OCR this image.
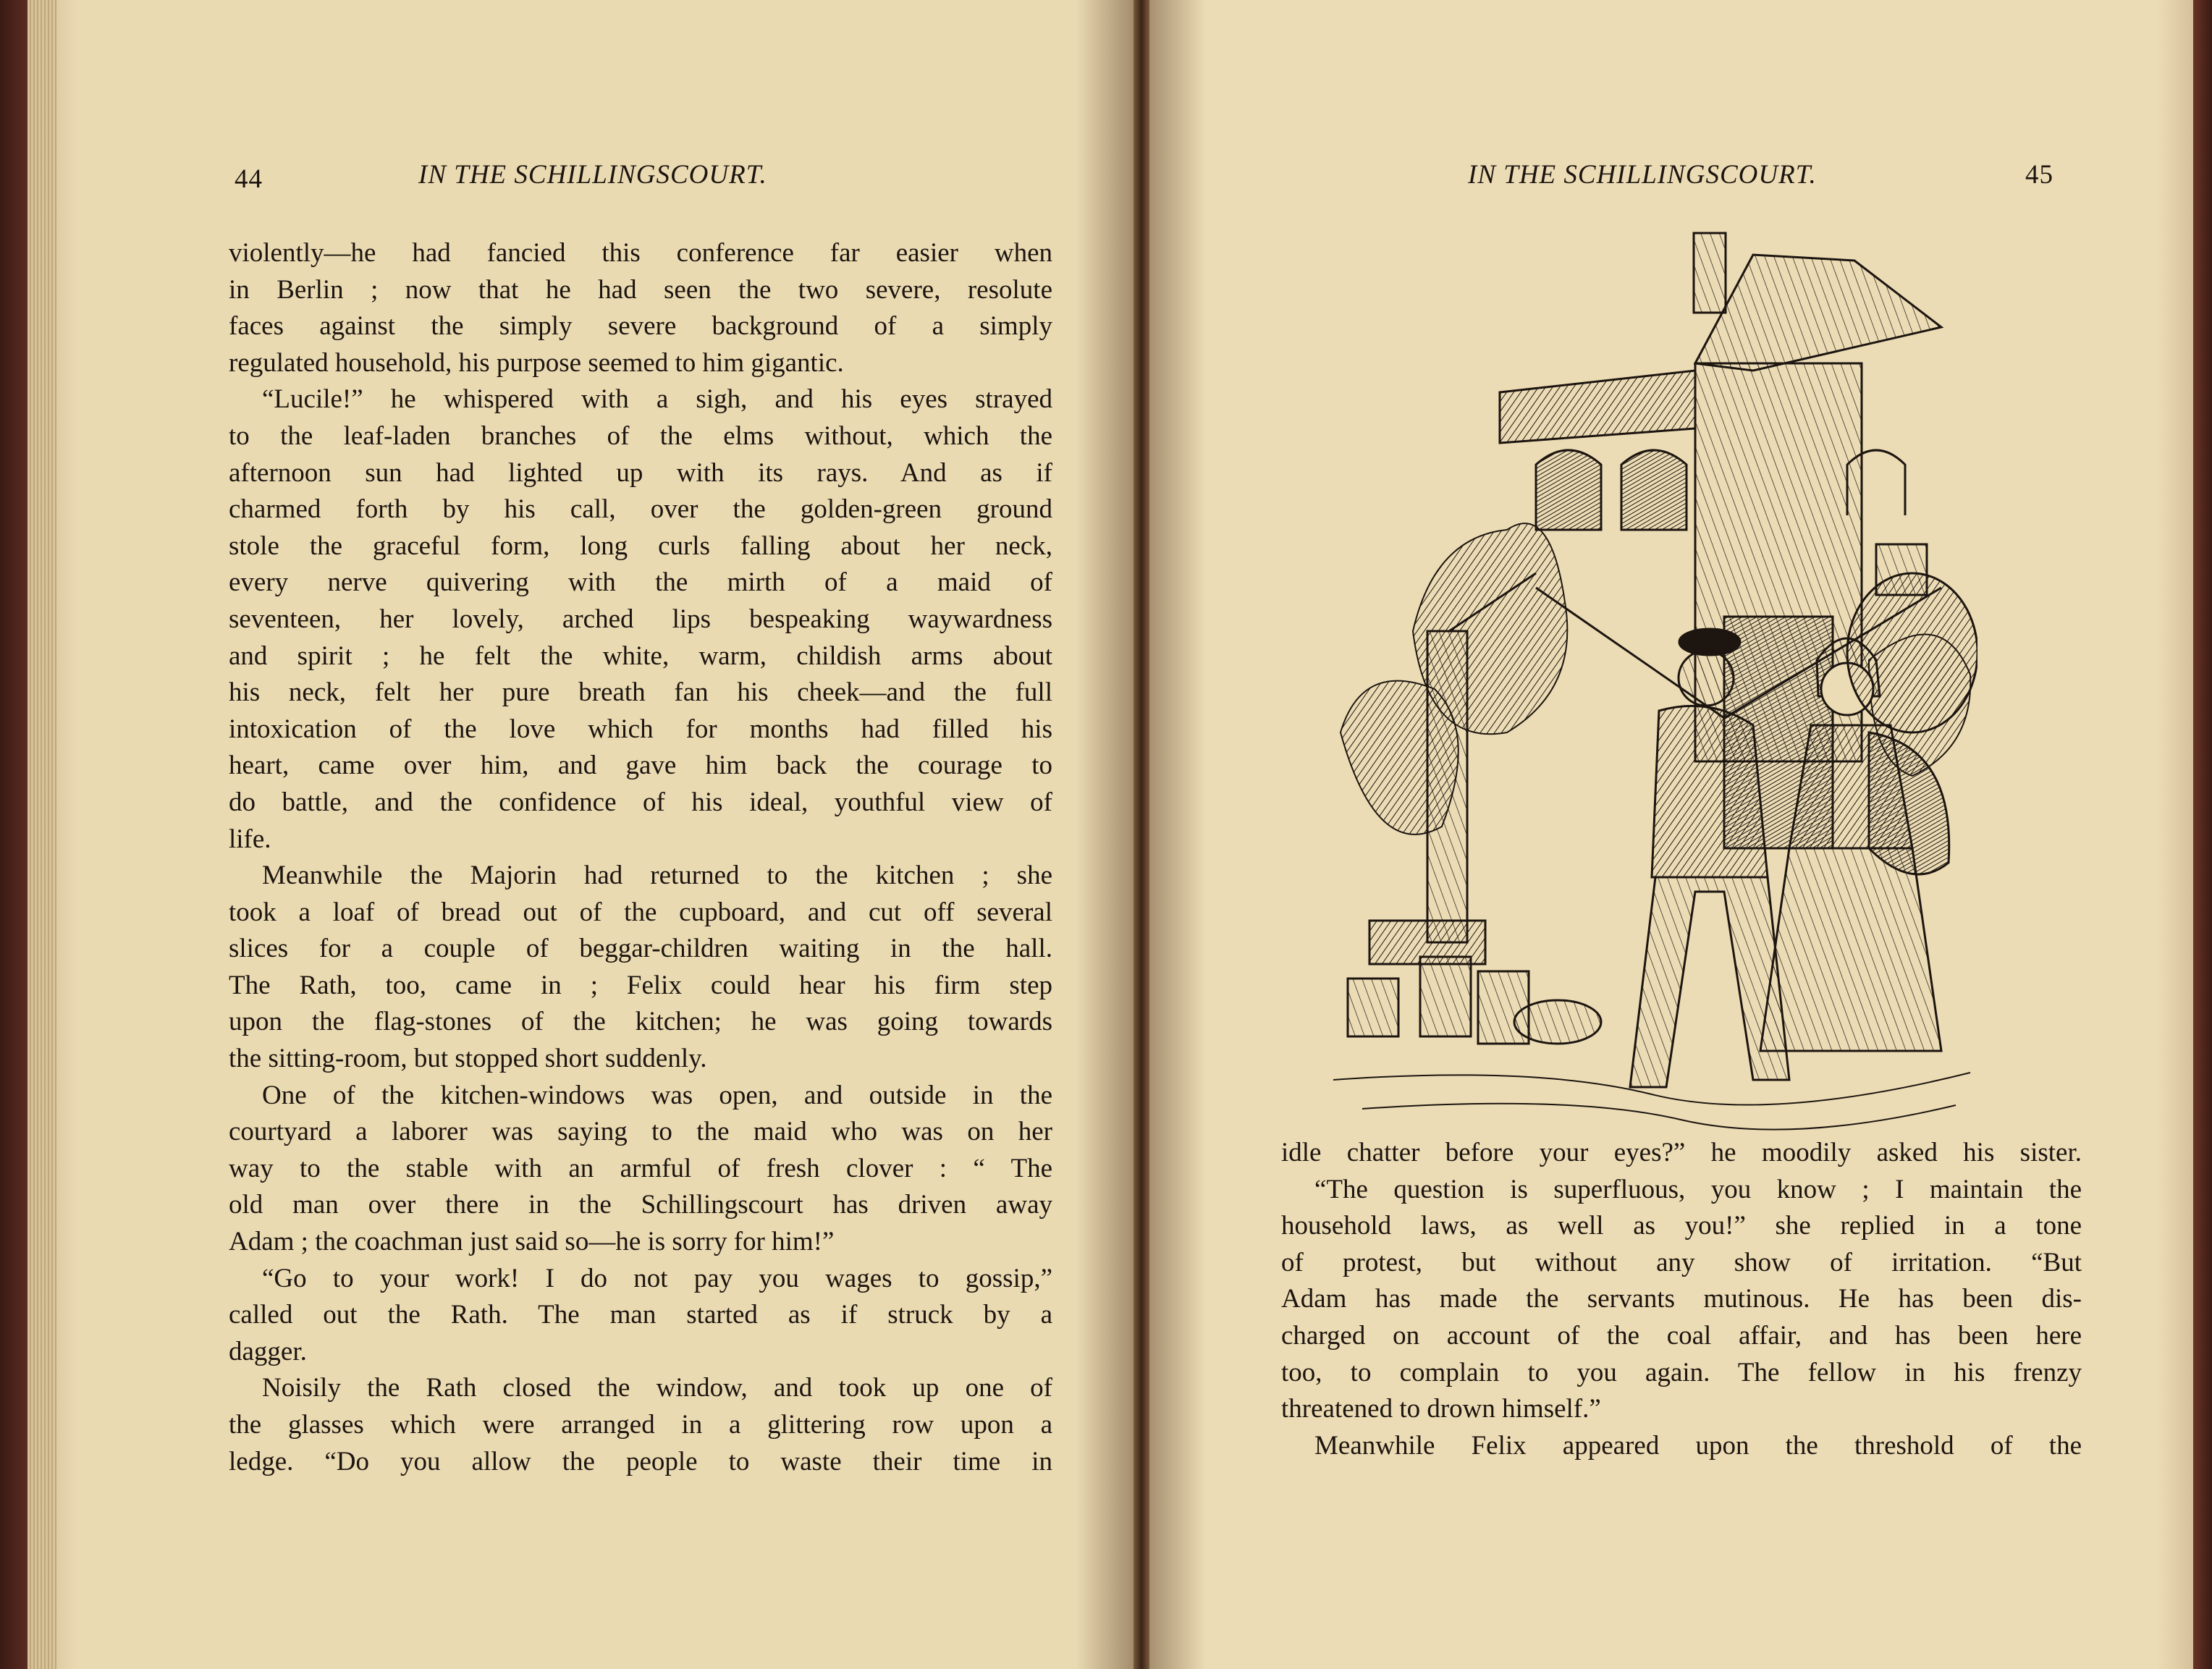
44	IN THE SCHILLINGSCOURT.

violently—he had fancied this conference far easier when

in Berlin ; now that he had seen the two severe, resolute

faces against the simply severe background of a simply

regulated household, his purpose seemed to him gigantic.

“Lucile!” he whispered with a sigh, and his eyes strayed

to the leaf-laden branches of the elms without, which the

afternoon sun had lighted up with its rays. And as if

charmed forth by his call, over the golden-green ground

stole the graceful form, long curls falling about her neck,

every nerve quivering with the mirth of a maid of

seventeen, her lovely, arched lips bespeaking waywardness

and spirit ; he felt the white, warm, childish arms about

his neck, felt her pure breath fan his cheek—and the full

intoxication of the love which for months had filled his

heart, came over him, and gave him back the courage to

do battle, and the confidence of his ideal, youthful view of

life.

Meanwhile the Majorin had returned to the kitchen ; she

took a loaf of bread out of the cupboard, and cut off several

slices for a couple of beggar-children waiting in the hall.

The Rath, too, came in ; Felix could hear his firm step

upon the flag-stones of the kitchen; he was going towards

the sitting-room, but stopped short suddenly.

One of the kitchen-windows was open, and outside in the

courtyard a laborer was saying to the maid who was on her

way to the stable with an armful of fresh clover : “ The

old man over there in the Schillingscourt has driven away

Adam ; the coachman just said so—he is sorry for him!”

“Go to your work! I do not pay you wages to gossip,”

called out the Rath. The man started as if struck by a

dagger.

Noisily the Rath closed the window, and took up one of

the glasses which were arranged in a glittering row upon a

ledge. “Do you allow the people to waste their time in

IN THE SCHILLINGSCOURT.	45

idle chatter before your eyes?” he moodily asked his sister.

“The question is superfluous, you know ; I maintain the

household laws, as well as you!” she replied in a tone

of protest, but without any show of irritation. “But

Adam has made the servants mutinous. He has been dis-

charged on account of the coal affair, and has been here

too, to complain to you again. The fellow in his frenzy

threatened to drown himself.”

Meanwhile Felix appeared upon the threshold of the
